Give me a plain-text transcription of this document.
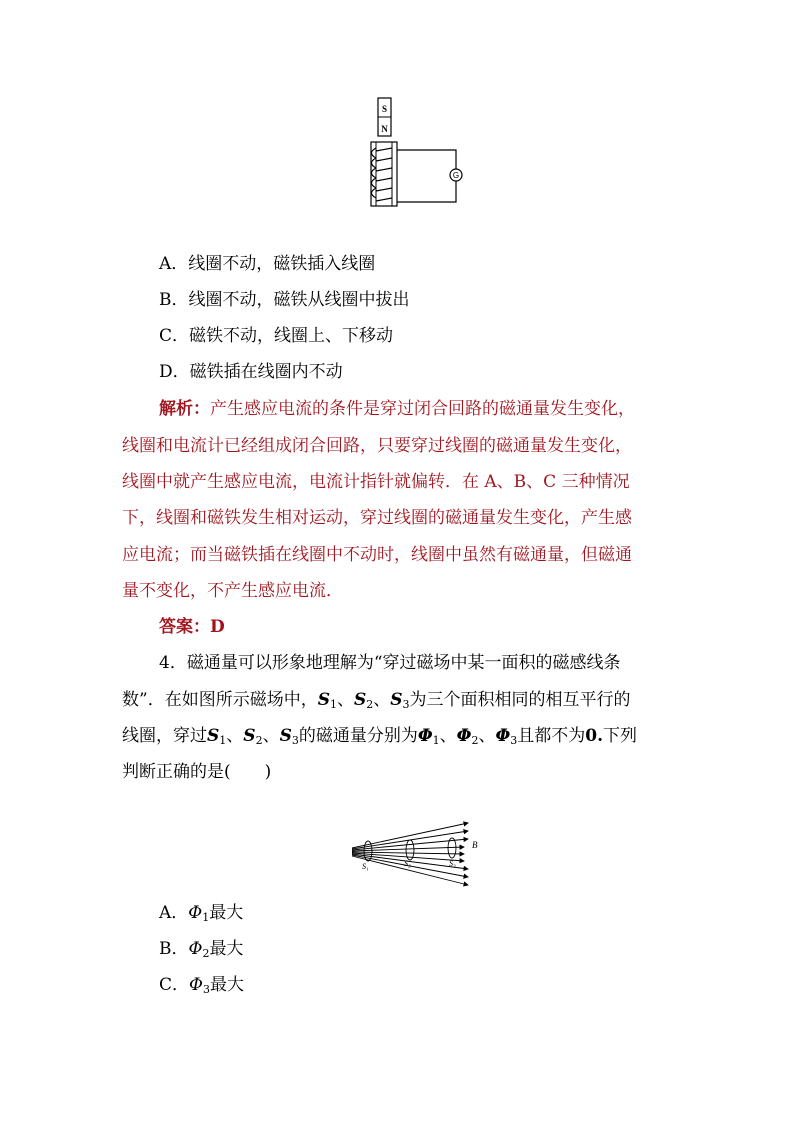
S
N
G
A．线圈不动，磁铁插入线圈
B．线圈不动，磁铁从线圈中拔出
C．磁铁不动，线圈上、下移动
D．磁铁插在线圈内不动
解析：产生感应电流的条件是穿过闭合回路的磁通量发生变化，
线圈和电流计已经组成闭合回路，只要穿过线圈的磁通量发生变化，
线圈中就产生感应电流，电流计指针就偏转．在 A、B、C 三种情况
下，线圈和磁铁发生相对运动，穿过线圈的磁通量发生变化，产生感
应电流；而当磁铁插在线圈中不动时，线圈中虽然有磁通量，但磁通
量不变化，不产生感应电流．
答案：D
4．磁通量可以形象地理解为“穿过磁场中某一面积的磁感线条
数”．在如图所示磁场中，$S_1$、$S_2$、$S_3$为三个面积相同的相互平行的
线圈，穿过$S_1$、$S_2$、$S_3$的磁通量分别为$\Phi_1$、$\Phi_2$、$\Phi_3$且都不为0.下列
判断正确的是(　　)
S₁	S₂	S₃
B
A．$\Phi_1$最大
B．$\Phi_2$最大
C．$\Phi_3$最大
